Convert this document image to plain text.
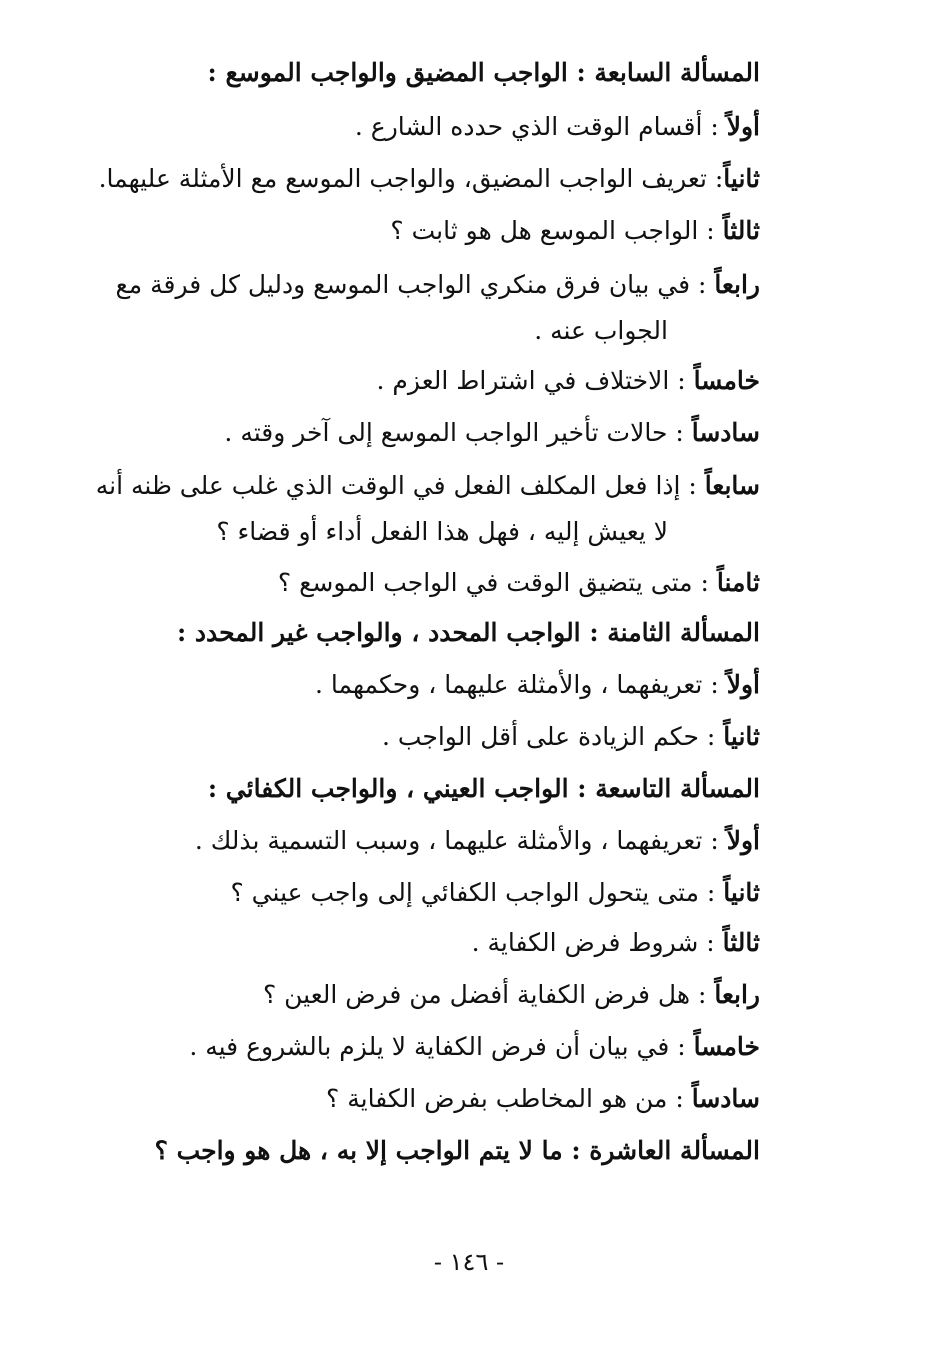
المسألة السابعة : الواجب المضيق والواجب الموسع :
أولاً : أقسام الوقت الذي حدده الشارع .
ثانياً: تعريف الواجب المضيق، والواجب الموسع مع الأمثلة عليهما.
ثالثاً : الواجب الموسع هل هو ثابت ؟
رابعاً : في بيان فرق منكري الواجب الموسع ودليل كل فرقة مع
الجواب عنه .
خامساً : الاختلاف في اشتراط العزم .
سادساً : حالات تأخير الواجب الموسع إلى آخر وقته .
سابعاً : إذا فعل المكلف الفعل في الوقت الذي غلب على ظنه أنه
لا يعيش إليه ، فهل هذا الفعل أداء أو قضاء ؟
ثامناً : متى يتضيق الوقت في الواجب الموسع ؟
المسألة الثامنة : الواجب المحدد ، والواجب غير المحدد :
أولاً : تعريفهما ، والأمثلة عليهما ، وحكمهما .
ثانياً : حكم الزيادة على أقل الواجب .
المسألة التاسعة : الواجب العيني ، والواجب الكفائي :
أولاً : تعريفهما ، والأمثلة عليهما ، وسبب التسمية بذلك .
ثانياً : متى يتحول الواجب الكفائي إلى واجب عيني ؟
ثالثاً : شروط فرض الكفاية .
رابعاً : هل فرض الكفاية أفضل من فرض العين ؟
خامساً : في بيان أن فرض الكفاية لا يلزم بالشروع فيه .
سادساً : من هو المخاطب بفرض الكفاية ؟
المسألة العاشرة : ما لا يتم الواجب إلا به ، هل هو واجب ؟
- ١٤٦ -
